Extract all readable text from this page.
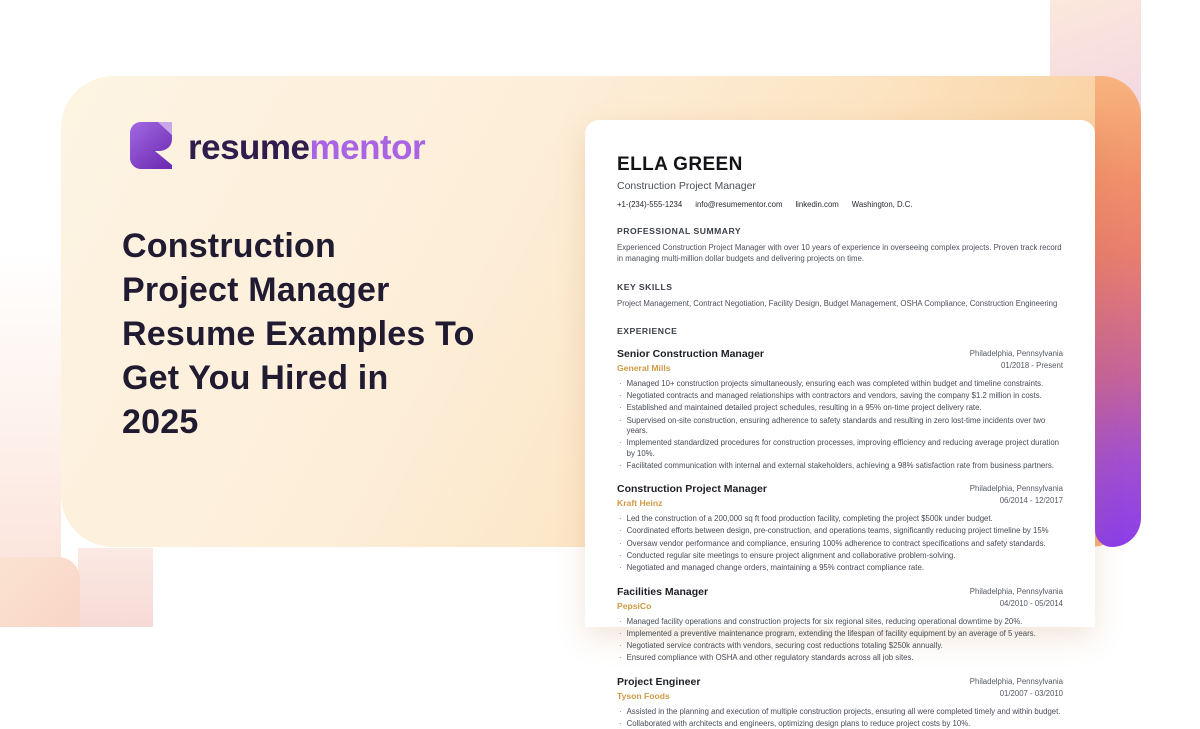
resumementor
Construction
Project Manager
Resume Examples To
Get You Hired in
2025
ELLA GREEN
Construction Project Manager
+1-(234)-555-1234 info@resumementor.com linkedin.com Washington, D.C.
PROFESSIONAL SUMMARY
Experienced Construction Project Manager with over 10 years of experience in overseeing complex projects. Proven track record in managing multi-million dollar budgets and delivering projects on time.
KEY SKILLS
Project Management, Contract Negotiation, Facility Design, Budget Management, OSHA Compliance, Construction Engineering
EXPERIENCE
Senior Construction Manager
General Mills
Philadelphia, Pennsylvania
01/2018 - Present
· Managed 10+ construction projects simultaneously, ensuring each was completed within budget and timeline constraints.
· Negotiated contracts and managed relationships with contractors and vendors, saving the company $1.2 million in costs.
· Established and maintained detailed project schedules, resulting in a 95% on-time project delivery rate.
· Supervised on-site construction, ensuring adherence to safety standards and resulting in zero lost-time incidents over two years.
· Implemented standardized procedures for construction processes, improving efficiency and reducing average project duration by 10%.
· Facilitated communication with internal and external stakeholders, achieving a 98% satisfaction rate from business partners.
Construction Project Manager
Kraft Heinz
Philadelphia, Pennsylvania
06/2014 - 12/2017
· Led the construction of a 200,000 sq ft food production facility, completing the project $500k under budget.
· Coordinated efforts between design, pre-construction, and operations teams, significantly reducing project timeline by 15%
· Oversaw vendor performance and compliance, ensuring 100% adherence to contract specifications and safety standards.
· Conducted regular site meetings to ensure project alignment and collaborative problem-solving.
· Negotiated and managed change orders, maintaining a 95% contract compliance rate.
Facilities Manager
PepsiCo
Philadelphia, Pennsylvania
04/2010 - 05/2014
· Managed facility operations and construction projects for six regional sites, reducing operational downtime by 20%.
· Implemented a preventive maintenance program, extending the lifespan of facility equipment by an average of 5 years.
· Negotiated service contracts with vendors, securing cost reductions totaling $250k annually.
· Ensured compliance with OSHA and other regulatory standards across all job sites.
Project Engineer
Tyson Foods
Philadelphia, Pennsylvania
01/2007 - 03/2010
· Assisted in the planning and execution of multiple construction projects, ensuring all were completed timely and within budget.
· Collaborated with architects and engineers, optimizing design plans to reduce project costs by 10%.
